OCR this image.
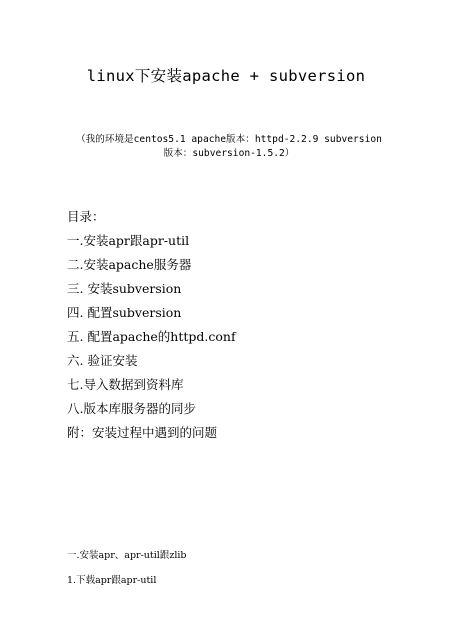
linux下安装apache + subversion
（我的环境是centos5.1 apache版本：httpd-2.2.9 subversion版本：subversion-1.5.2）
目录：
一.安装apr跟apr-util
二.安装apache服务器
三. 安装subversion
四. 配置subversion
五. 配置apache的httpd.conf
六. 验证安装
七.导入数据到资料库
八.版本库服务器的同步
附：安装过程中遇到的问题
一.安装apr、apr-util跟zlib
1.下载apr跟apr-util
